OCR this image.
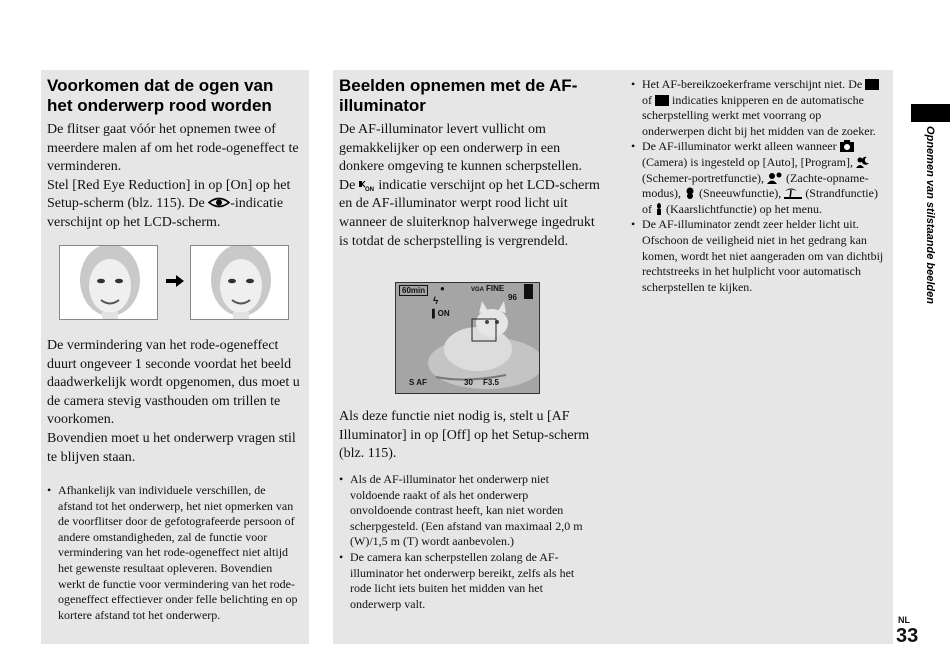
Voorkomen dat de ogen van het onderwerp rood worden

De flitser gaat vóór het opnemen twee of meerdere malen af om het rode-ogeneffect te verminderen.
Stel [Red Eye Reduction] in op [On] op het Setup-scherm (blz. 115). De -indicatie verschijnt op het LCD-scherm.

De vermindering van het rode-ogeneffect duurt ongeveer 1 seconde voordat het beeld daadwerkelijk wordt opgenomen, dus moet u de camera stevig vasthouden om trillen te voorkomen.

Bovendien moet u het onderwerp vragen stil te blijven staan.

• Afhankelijk van individuele verschillen, de afstand tot het onderwerp, het niet opmerken van de voorflitser door de gefotografeerde persoon of andere omstandigheden, zal de functie voor vermindering van het rode-ogeneffect niet altijd het gewenste resultaat opleveren. Bovendien werkt de functie voor vermindering van het rode-ogeneffect effectiever onder felle belichting en op kortere afstand tot het onderwerp.
Beelden opnemen met de AF-illuminator

De AF-illuminator levert vullicht om gemakkelijker op een onderwerp in een donkere omgeving te kunnen scherpstellen. De ON indicatie verschijnt op het LCD-scherm en de AF-illuminator werpt rood licht uit wanneer de sluiterknop halverwege ingedrukt is totdat de scherpstelling is vergrendeld.

60min	●	VGA FINE
96
ϟ
▌ON
S AF	30 F3.5

Als deze functie niet nodig is, stelt u [AF Illuminator] in op [Off] op het Setup-scherm (blz. 115).

• Als de AF-illuminator het onderwerp niet voldoende raakt of als het onderwerp onvoldoende contrast heeft, kan niet worden scherpgesteld. (Een afstand van maximaal 2,0 m (W)/1,5 m (T) wordt aanbevolen.)
• De camera kan scherpstellen zolang de AF-illuminator het onderwerp bereikt, zelfs als het rode licht iets buiten het midden van het onderwerp valt.
• Het AF-bereikzoekerframe verschijnt niet. De  of  indicaties knipperen en de automatische scherpstelling werkt met voorrang op onderwerpen dicht bij het midden van de zoeker.
• De AF-illuminator werkt alleen wanneer  (Camera) is ingesteld op [Auto], [Program],  (Schemer-portretfunctie),  (Zachte-opname-modus),  (Sneeuwfunctie),  (Strandfunctie) of  (Kaarslichtfunctie) op het menu.
• De AF-illuminator zendt zeer helder licht uit. Ofschoon de veiligheid niet in het gedrang kan komen, wordt het niet aangeraden om van dichtbij rechtstreeks in het hulplicht voor automatisch scherpstellen te kijken.	Opnemen van stilstaande beelden
NL
33
